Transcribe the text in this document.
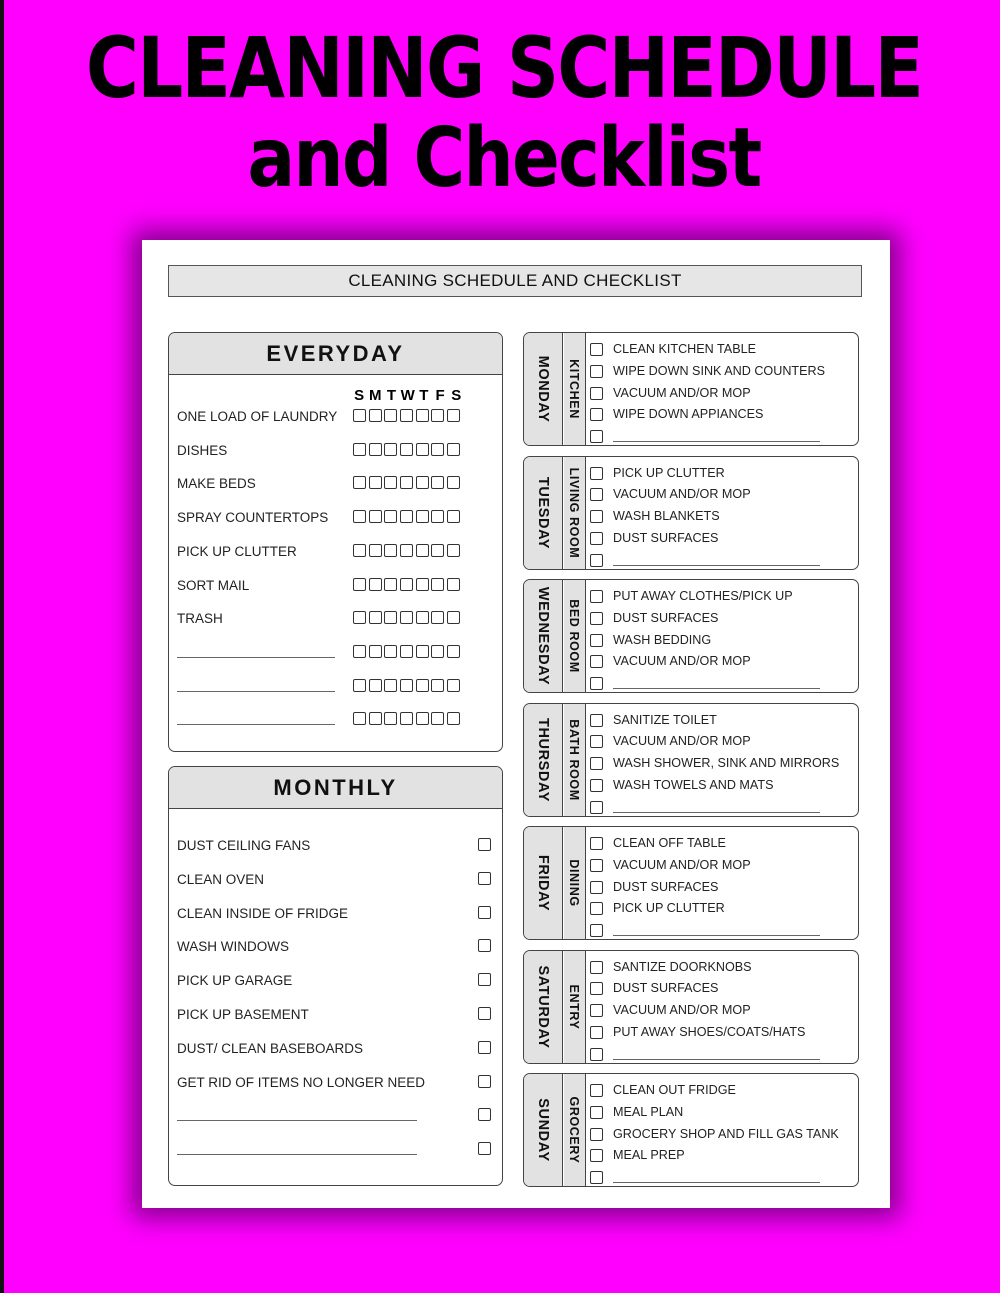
CLEANING SCHEDULE
and Checklist
CLEANING SCHEDULE AND CHECKLIST
EVERYDAY
S M T W T F S
ONE LOAD OF LAUNDRY
DISHES
MAKE BEDS
SPRAY COUNTERTOPS
PICK UP CLUTTER
SORT MAIL
TRASH
MONTHLY
DUST CEILING FANS
CLEAN OVEN
CLEAN INSIDE OF FRIDGE
WASH WINDOWS
PICK UP GARAGE
PICK UP BASEMENT
DUST/ CLEAN BASEBOARDS
GET RID OF ITEMS NO LONGER NEED
MONDAY KITCHEN
CLEAN KITCHEN TABLE
WIPE DOWN SINK AND COUNTERS
VACUUM AND/OR MOP
WIPE DOWN APPIANCES
TUESDAY LIVING ROOM	PICK UP CLUTTER
VACUUM AND/OR MOP
WASH BLANKETS
DUST SURFACES
WEDNESDAY BED ROOM
PUT AWAY CLOTHES/PICK UP
DUST SURFACES
WASH BEDDING
VACUUM AND/OR MOP
THURSDAY BATH ROOM	SANITIZE TOILET
VACUUM AND/OR MOP
WASH SHOWER, SINK AND MIRRORS
WASH TOWELS AND MATS
FRIDAY DINING
CLEAN OFF TABLE
VACUUM AND/OR MOP
DUST SURFACES
PICK UP CLUTTER
SATURDAY ENTRY
SANTIZE DOORKNOBS
DUST SURFACES
VACUUM AND/OR MOP
PUT AWAY SHOES/COATS/HATS
SUNDAY GROCERY
CLEAN OUT FRIDGE
MEAL PLAN
GROCERY SHOP AND FILL GAS TANK
MEAL PREP
